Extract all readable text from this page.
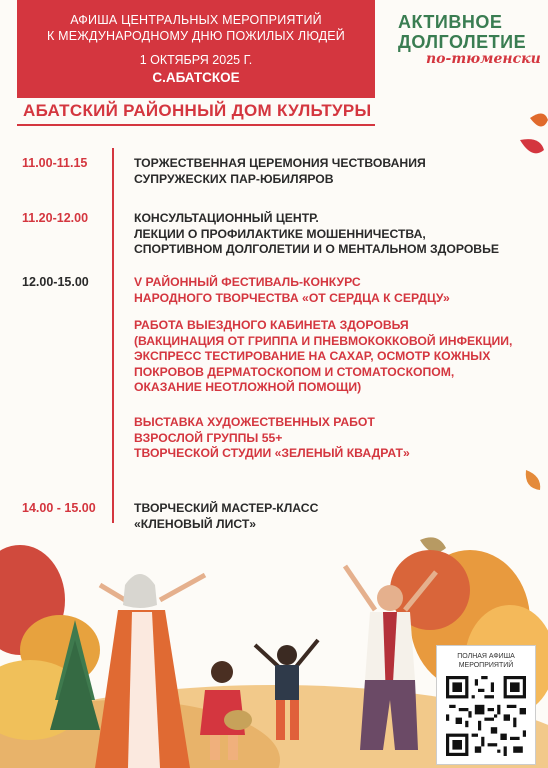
АФИША ЦЕНТРАЛЬНЫХ МЕРОПРИЯТИЙ
К МЕЖДУНАРОДНОМУ ДНЮ ПОЖИЛЫХ ЛЮДЕЙ
1 ОКТЯБРЯ 2025 Г.
С.АБАТСКОЕ
АКТИВНОЕ
ДОЛГОЛЕТИЕ
по-тюменски
АБАТСКИЙ РАЙОННЫЙ ДОМ КУЛЬТУРЫ
11.00-11.15	ТОРЖЕСТВЕННАЯ ЦЕРЕМОНИЯ ЧЕСТВОВАНИЯ
СУПРУЖЕСКИХ ПАР-ЮБИЛЯРОВ
11.20-12.00	КОНСУЛЬТАЦИОННЫЙ ЦЕНТР.
ЛЕКЦИИ О ПРОФИЛАКТИКЕ МОШЕННИЧЕСТВА,
СПОРТИВНОМ ДОЛГОЛЕТИИ И О МЕНТАЛЬНОМ ЗДОРОВЬЕ
12.00-15.00	V РАЙОННЫЙ ФЕСТИВАЛЬ-КОНКУРС
НАРОДНОГО ТВОРЧЕСТВА «ОТ СЕРДЦА К СЕРДЦУ»
РАБОТА ВЫЕЗДНОГО КАБИНЕТА ЗДОРОВЬЯ
(ВАКЦИНАЦИЯ ОТ ГРИППА И ПНЕВМОКОККОВОЙ ИНФЕКЦИИ,
ЭКСПРЕСС ТЕСТИРОВАНИЕ НА САХАР, ОСМОТР КОЖНЫХ
ПОКРОВОВ ДЕРМАТОСКОПОМ И СТОМАТОСКОПОМ,
ОКАЗАНИЕ НЕОТЛОЖНОЙ ПОМОЩИ)
ВЫСТАВКА ХУДОЖЕСТВЕННЫХ РАБОТ
ВЗРОСЛОЙ ГРУППЫ 55+
ТВОРЧЕСКОЙ СТУДИИ «ЗЕЛЕНЫЙ КВАДРАТ»
14.00 - 15.00	ТВОРЧЕСКИЙ МАСТЕР-КЛАСС
«КЛЕНОВЫЙ ЛИСТ»
ПОЛНАЯ АФИША
МЕРОПРИЯТИЙ
